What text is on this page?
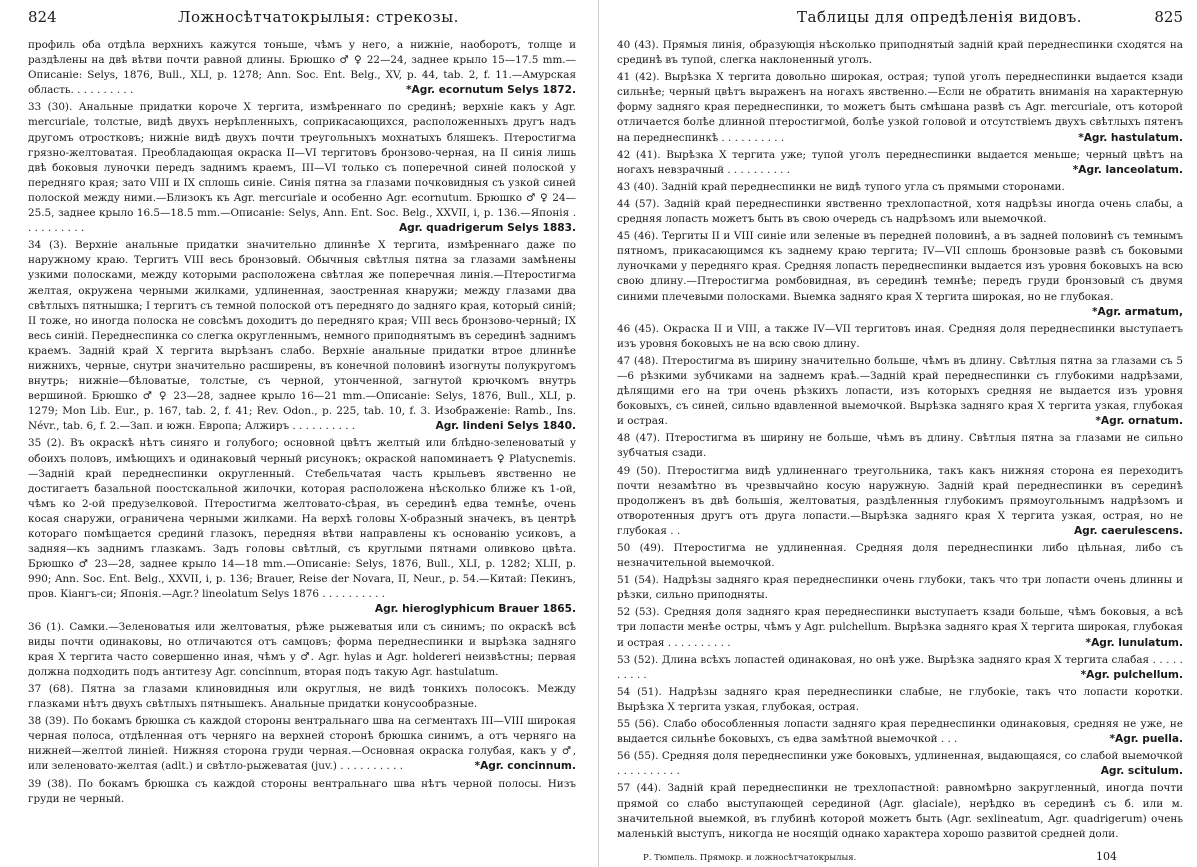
824	Ложносѣтчатокрылыя: стрекозы.

профиль оба отдѣла верхнихъ кажутся тоньше, чѣмъ у него, а нижніе, наоборотъ, толще и раздѣлены на двѣ вѣтви почти равной длины. Брюшко ♂ ♀ 22—24, заднее крыло 15—17.5 mm.—Описаніе: Selys, 1876, Bull., XLI, p. 1278; Ann. Soc. Ent. Belg., XV, p. 44, tab. 2, f. 11.—Амурская область. . . . . . . . . .	*Agr. ecornutum Selys 1872.

33 (30). Анальные придатки короче X тергита, измѣреннаго по срединѣ; верхніе какъ у Agr. mercuriale, толстые, видѣ двухъ нерѣпленныхъ, соприкасающихся, расположенныхъ другъ надъ другомъ отростковъ; нижніе видѣ двухъ почти треугольныхъ мохнатыхъ бляшекъ. Птеростигма грязно-желтоватая. Преобладающая окраска II—VI тергитовъ бронзово-черная, на II синія лишь двѣ боковыя луночки передъ заднимъ краемъ, III—VI только съ поперечной синей полоской у передняго края; зато VIII и IX сплошь синіе. Синія пятна за глазами почковидныя съ узкой синей полоской между ними.—Близокъ къ Agr. mercuriale и особенно Agr. ecornutum. Брюшко ♂ ♀ 24—25.5, заднее крыло 16.5—18.5 mm.—Описаніе: Selys, Ann. Ent. Soc. Belg., XXVII, i, p. 136.—Японія . . . . . . . . . .	Agr. quadrigerum Selys 1883.

34 (3). Верхніе анальные придатки значительно длиннѣе X тергита, измѣреннаго даже по наружному краю. Тергитъ VIII весь бронзовый. Обычныя свѣтлыя пятна за глазами замѣнены узкими полосками, между которыми расположена свѣтлая же поперечная линія.—Птеростигма желтая, окружена черными жилками, удлиненная, заостренная кнаружи; между глазами два свѣтлыхъ пятнышка; I тергитъ съ темной полоской отъ передняго до задняго края, который синій; II тоже, но иногда полоска не совсѣмъ доходитъ до передняго края; VIII весь бронзово-черный; IX весь синій. Переднеспинка со слегка округленнымъ, немного приподнятымъ въ серединѣ заднимъ краемъ. Задній край X тергита вырѣзанъ слабо. Верхніе анальные придатки втрое длиннѣе нижнихъ, черные, снутри значительно расширены, въ конечной половинѣ изогнуты полукругомъ внутрь; нижніе—бѣловатые, толстые, съ черной, утонченной, загнутой крючкомъ внутрь вершиной. Брюшко ♂ ♀ 23—28, заднее крыло 16—21 mm.—Описаніе: Selys, 1876, Bull., XLI, p. 1279; Mon Lib. Eur., p. 167, tab. 2, f. 41; Rev. Odon., p. 225, tab. 10, f. 3. Изображеніе: Ramb., Ins. Névr., tab. 6, f. 2.—Зап. и южн. Европа; Алжиръ . . . . . . . . . .	Agr. lindeni Selys 1840.

35 (2). Въ окраскѣ нѣтъ синяго и голубого; основной цвѣтъ желтый или блѣдно-зеленоватый у обоихъ половъ, имѣющихъ и одинаковый черный рисунокъ; окраской напоминаетъ ♀ Platycnemis.—Задній край переднеспинки округленный. Стебельчатая часть крыльевъ явственно не достигаетъ базальной поостскальной жилочки, которая расположена нѣсколько ближе къ 1-ой, чѣмъ ко 2-ой предузелковой. Птеростигма желтовато-сѣрая, въ серединѣ едва темнѣе, очень косая снаружи, ограничена черными жилками. На верхѣ головы X-образный значекъ, въ центрѣ котораго помѣщается срединй глазокъ, передняя вѣтви направлены къ основанію усиковъ, а задняя—къ заднимъ глазкамъ. Задъ головы свѣтлый, съ круглыми пятнами оливково цвѣта. Брюшко ♂ 23—28, заднее крыло 14—18 mm.—Описаніе: Selys, 1876, Bull., XLI, p. 1282; XLII, p. 990; Ann. Soc. Ent. Belg., XXVII, i, p. 136; Brauer, Reise der Novara, II, Neur., p. 54.—Китай: Пекинъ, пров. Кіангъ-си; Японія.—Agr.? lineolatum Selys 1876 . . . . . . . . . .
Agr. hieroglyphicum Brauer 1865.

36 (1). Самки.—Зеленоватыя или желтоватыя, рѣже рыжеватыя или съ синимъ; по окраскѣ всѣ виды почти одинаковы, но отличаются отъ самцовъ; форма переднеспинки и вырѣзка задняго края X тергита часто совершенно иная, чѣмъ у ♂. Agr. hylas и Agr. holdereri неизвѣстны; первая должна подходить подъ антитезу Agr. concinnum, вторая подъ такую Agr. hastulatum.

37 (68). Пятна за глазами клиновидныя или округлыя, не видѣ тонкихъ полосокъ. Между глазками нѣтъ двухъ свѣтлыхъ пятнышекъ. Анальные придатки конусообразные.

38 (39). По бокамъ брюшка съ каждой стороны вентральнаго шва на сегментахъ III—VIII широкая черная полоса, отдѣленная отъ черняго на верхней сторонѣ брюшка синимъ, а отъ черняго на нижней—желтой линіей. Нижняя сторона груди черная.—Основная окраска голубая, какъ у ♂, или зеленовато-желтая (adlt.) и свѣтло-рыжеватая (juv.) . . . . . . . . . .	*Agr. concinnum.

39 (38). По бокамъ брюшка съ каждой стороны вентральнаго шва нѣтъ черной полосы. Низъ груди не черный.

Таблицы для опредѣленія видовъ.	825

40 (43). Прямыя линія, образующія нѣсколько приподнятый задній край переднеспинки сходятся на срединѣ въ тупой, слегка наклоненный уголъ.

41 (42). Вырѣзка X тергита довольно широкая, острая; тупой уголъ переднеспинки выдается кзади сильнѣе; черный цвѣтъ выраженъ на ногахъ явственно.—Если не обратить вниманія на характерную форму задняго края переднеспинки, то можетъ быть смѣшана развѣ съ Agr. mercuriale, отъ которой отличается болѣе длинной птеростигмой, болѣе узкой головой и отсутствіемъ двухъ свѣтлыхъ пятенъ на переднеспинкѣ . . . . . . . . . .	*Agr. hastulatum.

42 (41). Вырѣзка X тергита уже; тупой уголъ переднеспинки выдается меньше; черный цвѣтъ на ногахъ невзрачный . . . . . . . . . .	*Agr. lanceolatum.

43 (40). Задній край переднеспинки не видѣ тупого угла съ прямыми сторонами.

44 (57). Задній край переднеспинки явственно трехлопастной, хотя надрѣзы иногда очень слабы, а средняя лопасть можетъ быть въ свою очередь съ надрѣзомъ или выемочкой.

45 (46). Тергиты II и VIII синіе или зеленые въ передней половинѣ, а въ задней половинѣ съ темнымъ пятномъ, прикасающимся къ заднему краю тергита; IV—VII сплошь бронзовые развѣ съ боковыми луночками у передняго края. Средняя лопасть переднеспинки выдается изъ уровня боковыхъ на всю свою длину.—Птеростигма ромбовидная, въ серединѣ темнѣе; передъ груди бронзовый съ двумя синими плечевыми полосками. Выемка задняго края X тергита широкая, но не глубокая.
*Agr. armatum,

46 (45). Окраска II и VIII, а также IV—VII тергитовъ иная. Средняя доля переднеспинки выступаетъ изъ уровня боковыхъ не на всю свою длину.

47 (48). Птеростигма въ ширину значительно больше, чѣмъ въ длину. Свѣтлыя пятна за глазами съ 5—6 рѣзкими зубчиками на заднемъ краѣ.—Задній край переднеспинки съ глубокими надрѣзами, дѣлящими его на три очень рѣзкихъ лопасти, изъ которыхъ средняя не выдается изъ уровня боковыхъ, съ синей, сильно вдавленной выемочкой. Вырѣзка задняго края X тергита узкая, глубокая и острая.	*Agr. ornatum.

48 (47). Птеростигма въ ширину не больше, чѣмъ въ длину. Свѣтлыя пятна за глазами не сильно зубчатыя сзади.

49 (50). Птеростигма видѣ удлиненнаго треугольника, такъ какъ нижняя сторона ея переходитъ почти незамѣтно въ чрезвычайно косую наружную. Задній край переднеспинки въ серединѣ продолженъ въ двѣ большія, желтоватыя, раздѣленныя глубокимъ прямоугольнымъ надрѣзомъ и отворотенныя другъ отъ друга лопасти.—Вырѣзка задняго края X тергита узкая, острая, но не глубокая . .	Agr. caerulescens.

50 (49). Птеростигма не удлиненная. Средняя доля переднеспинки либо цѣльная, либо съ незначительной выемочкой.

51 (54). Надрѣзы задняго края переднеспинки очень глубоки, такъ что три лопасти очень длинны и рѣзки, сильно приподняты.

52 (53). Средняя доля задняго края переднеспинки выступаетъ кзади больше, чѣмъ боковыя, а всѣ три лопасти менѣе остры, чѣмъ у Agr. pulchellum. Вырѣзка задняго края X тергита широкая, глубокая и острая . . . . . . . . . .	*Agr. lunulatum.

53 (52). Длина всѣхъ лопастей одинаковая, но онѣ уже. Вырѣзка задняго края X тергита слабая . . . . . . . . . .	*Agr. pulchellum.

54 (51). Надрѣзы задняго края переднеспинки слабые, не глубокіе, такъ что лопасти коротки. Вырѣзка X тергита узкая, глубокая, острая.

55 (56). Слабо обособленныя лопасти задняго края переднеспинки одинаковыя, средняя не уже, не выдается сильнѣе боковыхъ, съ едва замѣтной выемочкой . . .	*Agr. puella.

56 (55). Средняя доля переднеспинки уже боковыхъ, удлиненная, выдающаяся, со слабой выемочкой . . . . . . . . . .	Agr. scitulum.

57 (44). Задній край переднеспинки не трехлопастной: равномѣрно закругленный, иногда почти прямой со слабо выступающей серединой (Agr. glaciale), нерѣдко въ серединѣ съ б. или м. значительной выемкой, въ глубинѣ которой можетъ быть (Agr. sexlineatum, Agr. quadrigerum) очень маленькій выступъ, никогда не носящій однако характера хорошо развитой средней доли.

Р. Тюмпель. Прямокр. и ложносѣтчатокрылыя.	104
